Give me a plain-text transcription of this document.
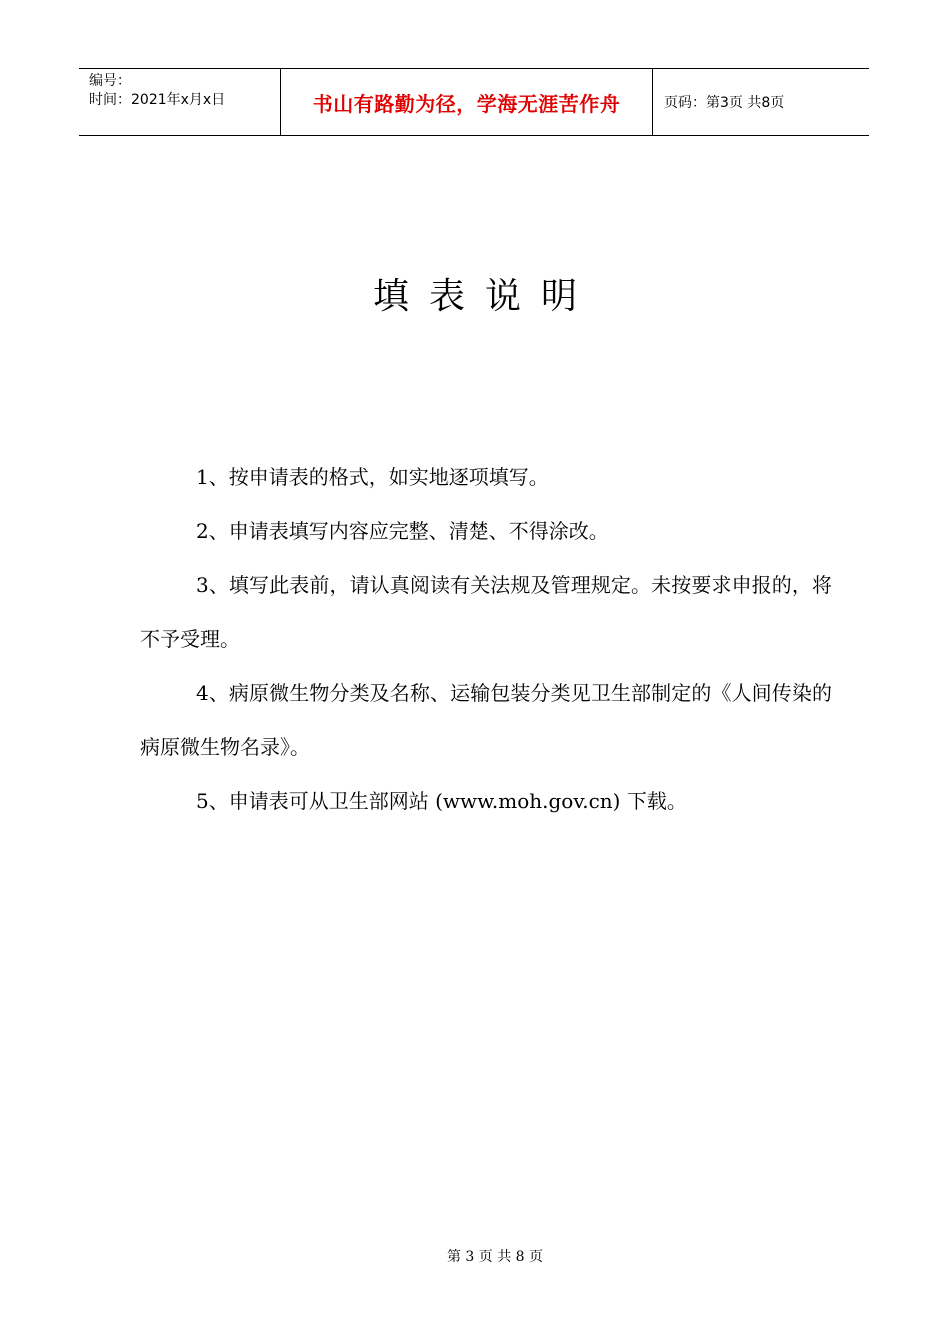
编号：
时间：2021年x月x日	书山有路勤为径，学海无涯苦作舟	页码：第3页 共8页
填表说明

1、按申请表的格式，如实地逐项填写。

2、申请表填写内容应完整、清楚、不得涂改。

3、填写此表前，请认真阅读有关法规及管理规定。未按要求申报的，将不予受理。

4、病原微生物分类及名称、运输包装分类见卫生部制定的《人间传染的病原微生物名录》。

5、申请表可从卫生部网站 (www.moh.gov.cn) 下载。

第 3 页 共 8 页
